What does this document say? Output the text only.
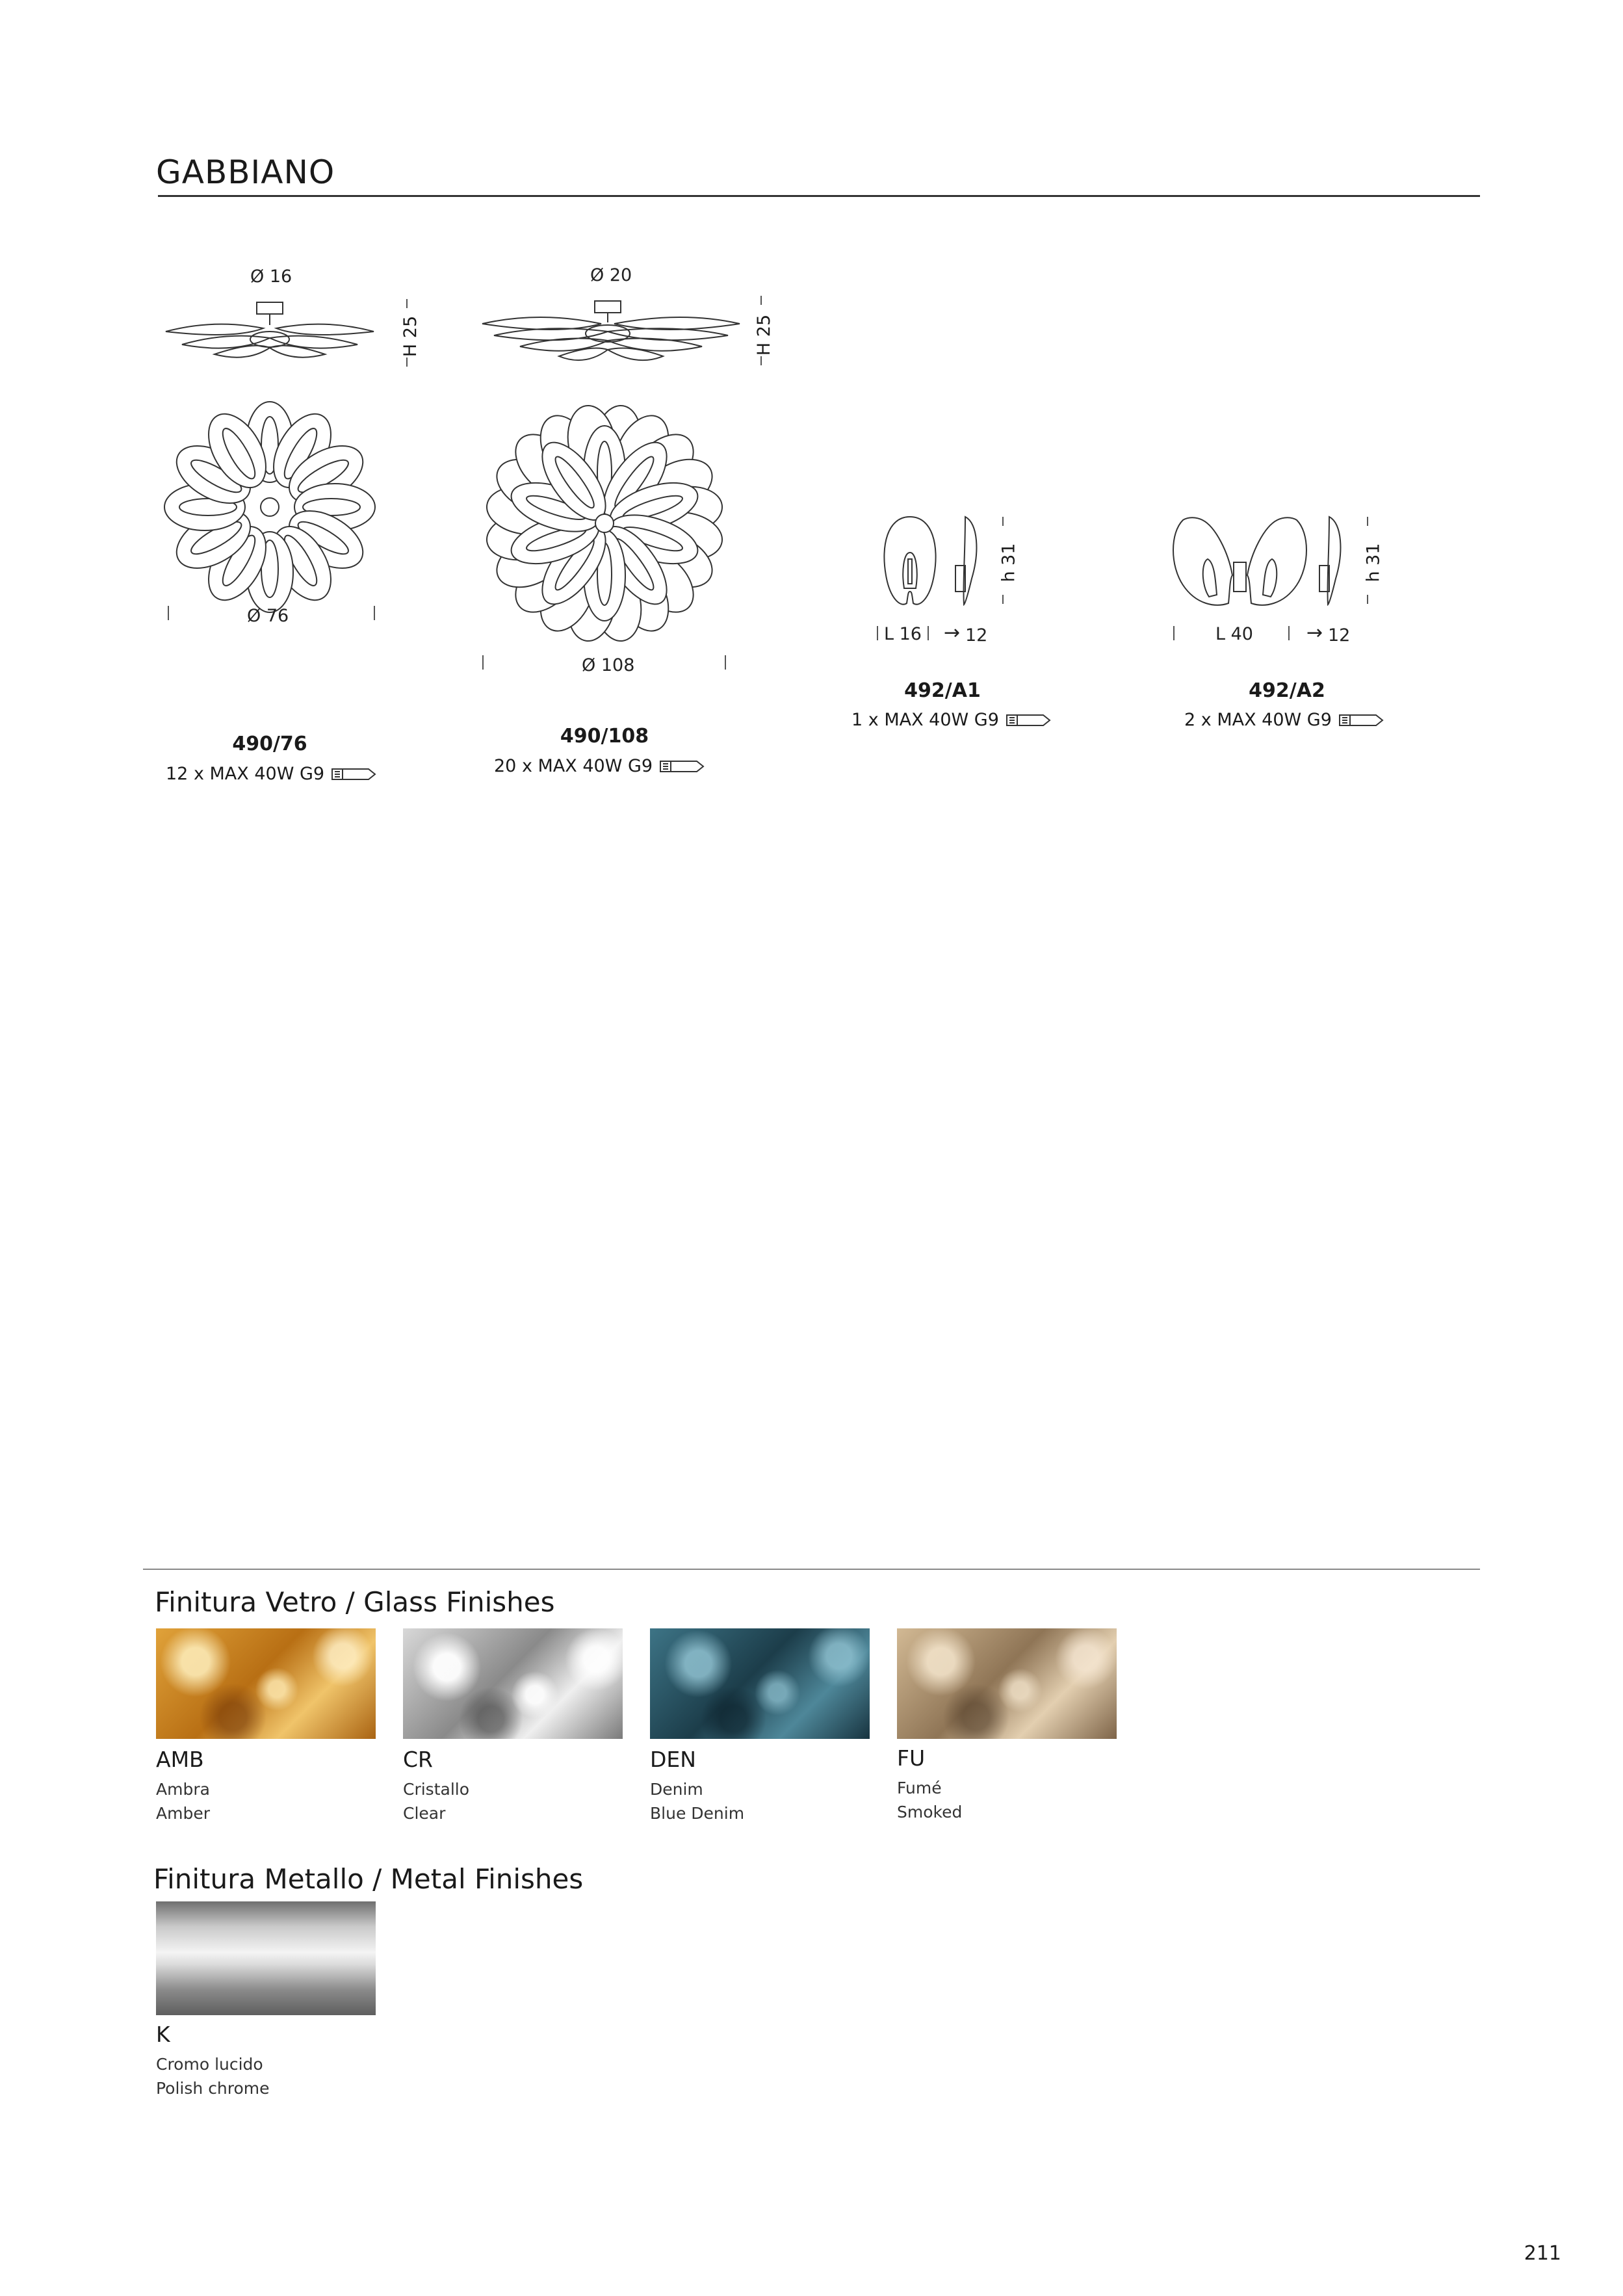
GABBIANO
Ø 16
H 25
Ø 76
490/76
12 x MAX 40W G9
Ø 20
H 25
Ø 108
490/108
20 x MAX 40W G9
h 31
L 16 → 12
492/A1
1 x MAX 40W G9
h 31
L 40	→ 12
492/A2
2 x MAX 40W G9
Finitura Vetro / Glass Finishes
AMB
Ambra
Amber
CR
Cristallo
Clear
DEN
Denim
Blue Denim
FU
Fumé
Smoked
Finitura Metallo / Metal Finishes
K
Cromo lucido
Polish chrome
211
